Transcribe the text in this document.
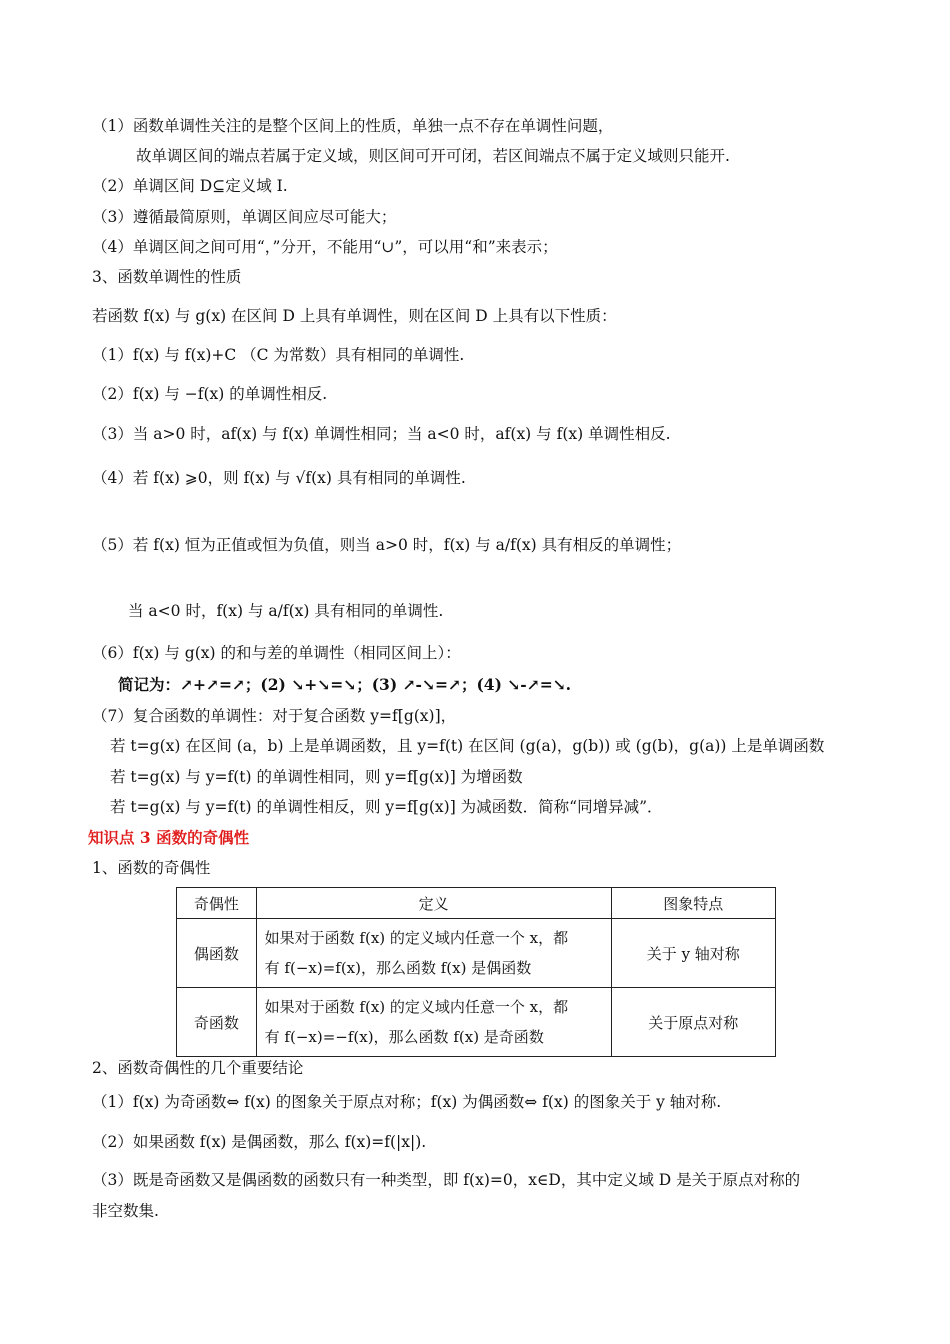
（1）函数单调性关注的是整个区间上的性质，单独一点不存在单调性问题，
故单调区间的端点若属于定义域，则区间可开可闭，若区间端点不属于定义域则只能开.
（2）单调区间 D⊆定义域 I.
（3）遵循最简原则，单调区间应尽可能大；
（4）单调区间之间可用“，”分开，不能用“∪”，可以用“和”来表示；
3、函数单调性的性质
若函数 f(x) 与 g(x) 在区间 D 上具有单调性，则在区间 D 上具有以下性质：
（1）f(x) 与 f(x)+C （C 为常数）具有相同的单调性.
（2）f(x) 与 −f(x) 的单调性相反.
（3）当 a>0 时，af(x) 与 f(x) 单调性相同；当 a<0 时，af(x) 与 f(x) 单调性相反.
（4）若 f(x) ⩾0，则 f(x) 与 √f(x) 具有相同的单调性.
（5）若 f(x) 恒为正值或恒为负值，则当 a>0 时，f(x) 与 a/f(x) 具有相反的单调性；
当 a<0 时，f(x) 与 a/f(x) 具有相同的单调性.
（6）f(x) 与 g(x) 的和与差的单调性（相同区间上）：
简记为：↗+↗=↗；(2) ↘+↘=↘；(3) ↗-↘=↗；(4) ↘-↗=↘.
（7）复合函数的单调性：对于复合函数 y=f[g(x)]，
若 t=g(x) 在区间 (a，b) 上是单调函数，且 y=f(t) 在区间 (g(a)，g(b)) 或 (g(b)，g(a)) 上是单调函数
若 t=g(x) 与 y=f(t) 的单调性相同，则 y=f[g(x)] 为增函数
若 t=g(x) 与 y=f(t) 的单调性相反，则 y=f[g(x)] 为减函数．简称“同增异减”．
知识点 3 函数的奇偶性
1、函数的奇偶性
2、函数奇偶性的几个重要结论
（1）f(x) 为奇函数⇔ f(x) 的图象关于原点对称；f(x) 为偶函数⇔ f(x) 的图象关于 y 轴对称.
（2）如果函数 f(x) 是偶函数，那么 f(x)=f(|x|).
（3）既是奇函数又是偶函数的函数只有一种类型，即 f(x)=0，x∈D，其中定义域 D 是关于原点对称的
非空数集.
奇偶性	定义	图象特点
偶函数	如果对于函数 f(x) 的定义域内任意一个 x，都
有 f(−x)=f(x)，那么函数 f(x) 是偶函数	关于 y 轴对称
奇函数	如果对于函数 f(x) 的定义域内任意一个 x，都
有 f(−x)=−f(x)，那么函数 f(x) 是奇函数	关于原点对称
